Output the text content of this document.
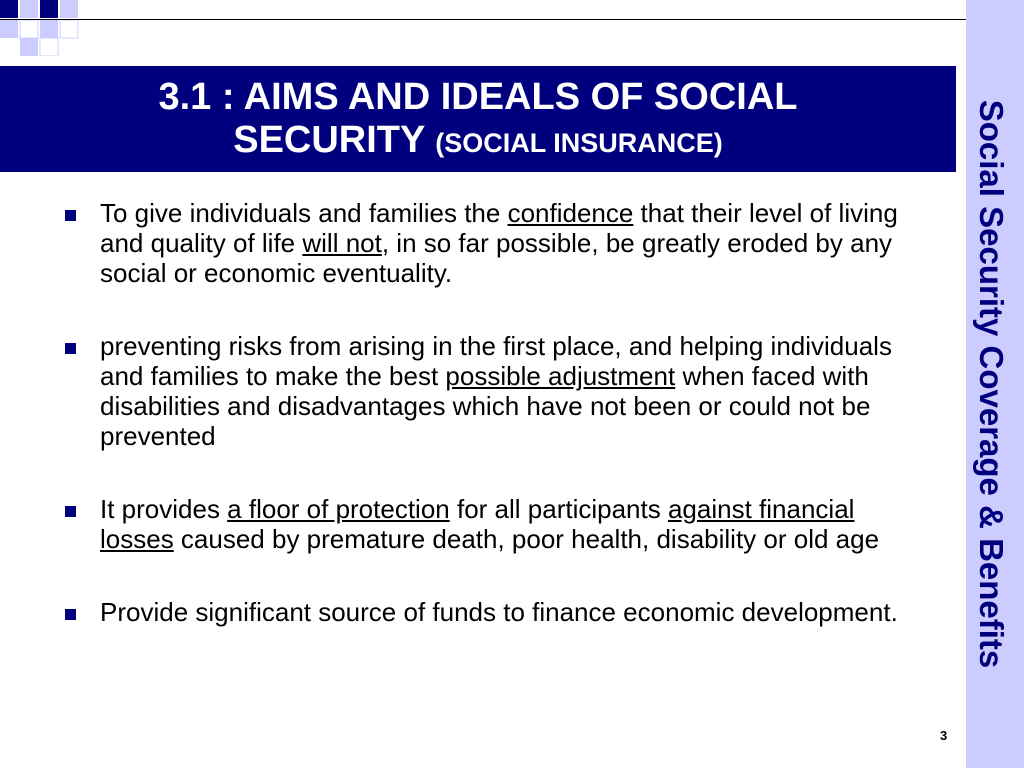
3.1 : AIMS AND IDEALS OF SOCIAL
SECURITY (SOCIAL INSURANCE)	Social Security Coverage & Benefits
To give individuals and families the confidence that their level of living and quality of life will not, in so far possible, be greatly eroded by any social or economic eventuality.
preventing risks from arising in the first place, and helping individuals and families to make the best possible adjustment when faced with disabilities and disadvantages which have not been or could not be prevented
It provides a floor of protection for all participants against financial losses caused by premature death, poor health, disability or old age
Provide significant source of funds to finance economic development.
3
